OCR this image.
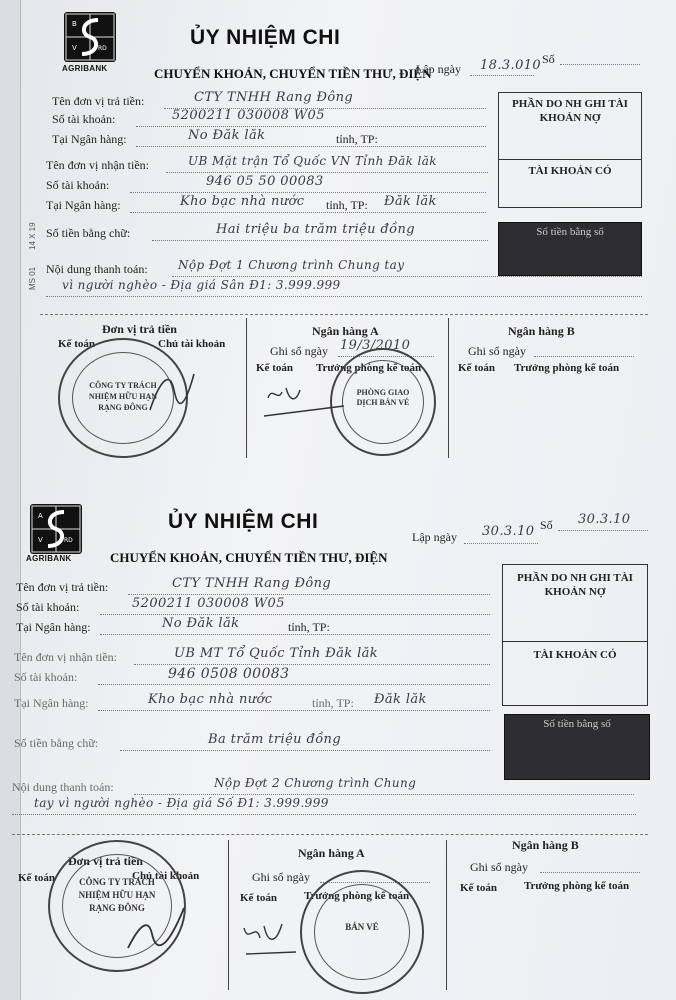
B
V	RD
AGRIBANK
ỦY NHIỆM CHI
CHUYỂN KHOẢN, CHUYỂN TIỀN THƯ, ĐIỆN
Lập ngày 18.3.010 Số
Tên đơn vị trả tiền:	CTY TNHH Rang Đông
Số tài khoản:	5200211 030008 W05
Tại Ngân hàng:	No Đăk lăk	tỉnh, TP:
Tên đơn vị nhận tiền:	UB Mặt trận Tổ Quốc VN Tỉnh Đăk lăk
Số tài khoản:	946 05 50 00083
Tại Ngân hàng:	Kho bạc nhà nước tỉnh, TP: Đăk lăk
Số tiền bằng chữ:	Hai triệu ba trăm triệu đồng
Nội dung thanh toán:	Nộp Đợt 1 Chương trình Chung tay
vì người nghèo - Địa giá Sân Đ1: 3.999.999
PHẦN DO NH GHI TÀI KHOẢN NỢ
TÀI KHOẢN CÓ
Số tiền bằng số
MS 01
14 X 19
Đơn vị trả tiền
Kế toán	Chủ tài khoản
Ngân hàng A
Ghi sổ ngày 19/3/2010
Kế toán Trưởng phòng kế toán
Ngân hàng B
Ghi sổ ngày
Kế toán Trưởng phòng kế toán
CÔNG TY TRÁCH NHIỆM HỮU HẠN RẠNG ĐÔNG
PHÒNG GIAO DỊCH BÁN VÉ
A
V	RD
AGRIBANK
ỦY NHIỆM CHI
CHUYỂN KHOẢN, CHUYỂN TIỀN THƯ, ĐIỆN
Lập ngày 30.3.10 Số 30.3.10
Tên đơn vị trả tiền:	CTY TNHH Rang Đông
Số tài khoản:	5200211 030008 W05
Tại Ngân hàng:	No Đăk lăk	tỉnh, TP:
Tên đơn vị nhận tiền:	UB MT Tổ Quốc Tỉnh Đăk lăk
Số tài khoản:	946 0508 00083
Tại Ngân hàng:	Kho bạc nhà nước	tỉnh, TP: Đăk lăk
Số tiền bằng chữ:	Ba trăm triệu đồng
Nội dung thanh toán:	Nộp Đợt 2 Chương trình Chung
tay vì người nghèo - Địa giá Số Đ1: 3.999.999
PHẦN DO NH GHI TÀI KHOẢN NỢ
TÀI KHOẢN CÓ
Số tiền bằng số
Đơn vị trả tiền
Kế toán	Chủ tài khoản
Ngân hàng A
Ghi sổ ngày
Kế toán Trưởng phòng kế toán
Ngân hàng B
Ghi sổ ngày
Kế toán Trưởng phòng kế toán
CÔNG TY TRÁCH NHIỆM HỮU HẠN RẠNG ĐÔNG
BÁN VÉ
